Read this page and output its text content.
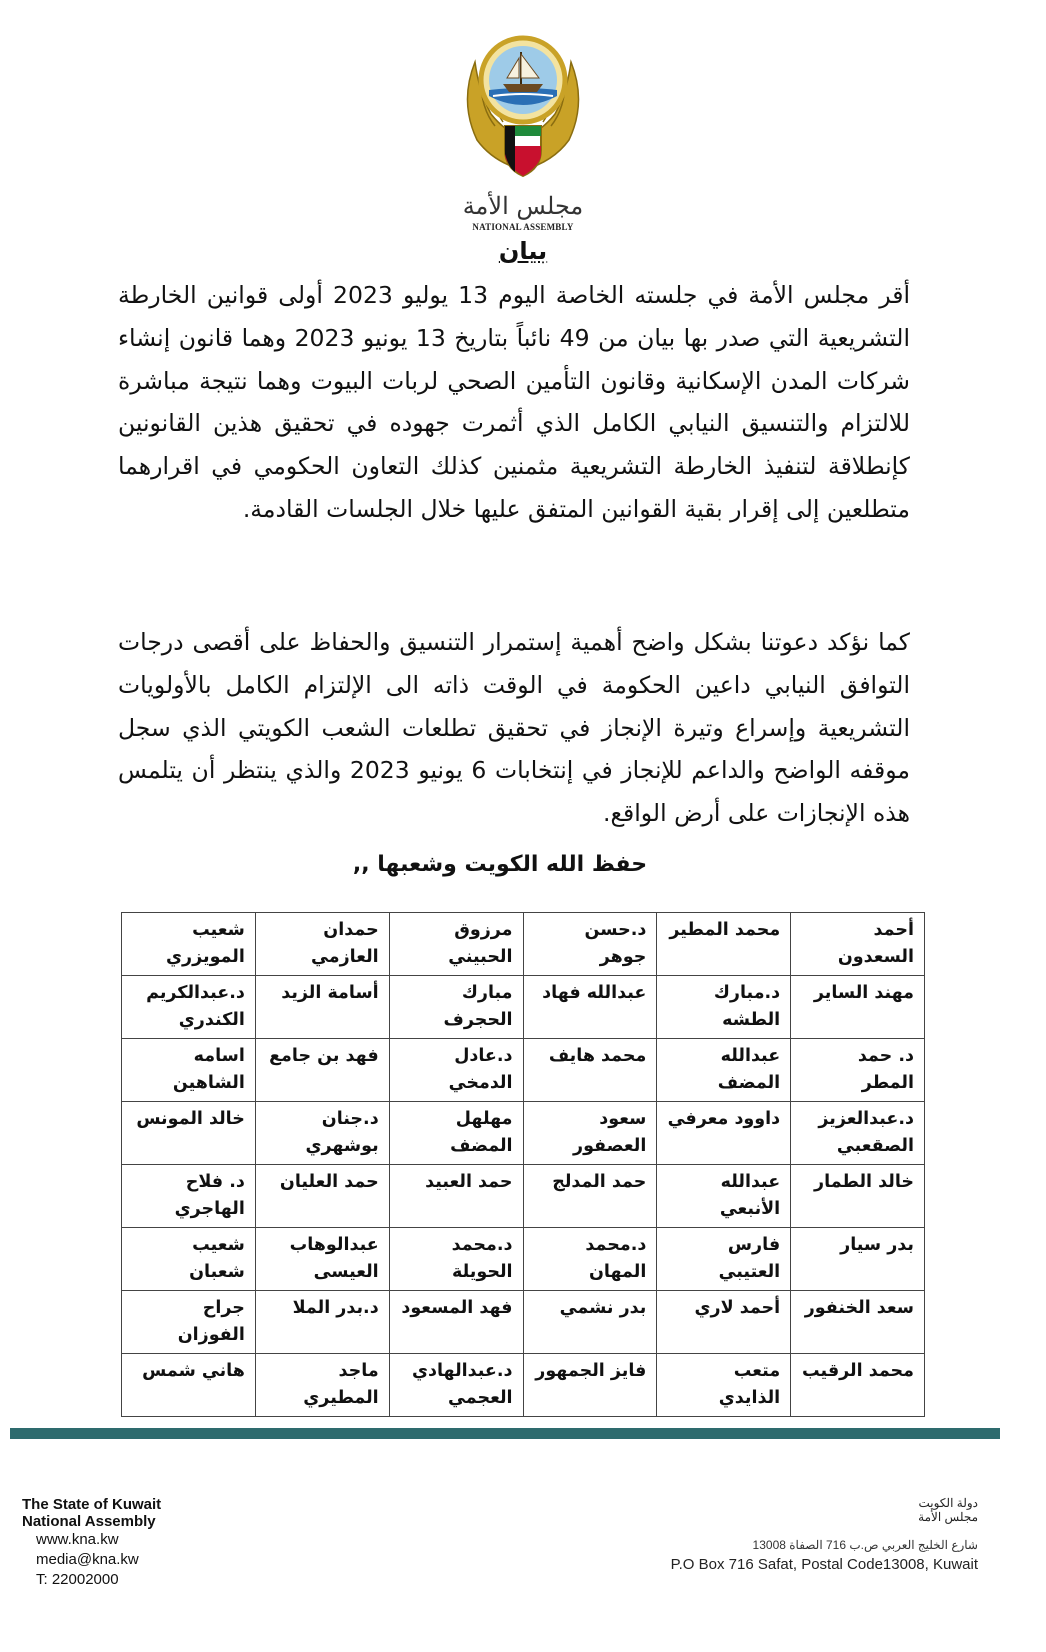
مجلس الأمة
NATIONAL ASSEMBLY
بيان
أقر مجلس الأمة في جلسته الخاصة اليوم 13 يوليو 2023 أولى قوانين الخارطة التشريعية التي صدر بها بيان من 49 نائباً بتاريخ 13 يونيو 2023 وهما قانون إنشاء شركات المدن الإسكانية وقانون التأمين الصحي لربات البيوت وهما نتيجة مباشرة للالتزام والتنسيق النيابي الكامل الذي أثمرت جهوده في تحقيق هذين القانونين كإنطلاقة لتنفيذ الخارطة التشريعية مثمنين كذلك التعاون الحكومي في اقرارهما متطلعين إلى إقرار بقية القوانين المتفق عليها خلال الجلسات القادمة.
كما نؤكد دعوتنا بشكل واضح أهمية إستمرار التنسيق والحفاظ على أقصى درجات التوافق النيابي داعين الحكومة في الوقت ذاته الى الإلتزام الكامل بالأولويات التشريعية وإسراع وتيرة الإنجاز في تحقيق تطلعات الشعب الكويتي الذي سجل موقفه الواضح والداعم للإنجاز في إنتخابات 6 يونيو 2023 والذي ينتظر أن يتلمس هذه الإنجازات على أرض الواقع.
حفظ الله الكويت وشعبها ,,
أحمد السعدون	محمد المطير	د.حسن جوهر	مرزوق الحبيني	حمدان العازمي	شعيب المويزري
مهند الساير	د.مبارك الطشه	عبدالله فهاد	مبارك الحجرف	أسامة الزيد	د.عبدالكريم الكندري
د. حمد المطر	عبدالله المضف	محمد هايف	د.عادل الدمخي	فهد بن جامع	اسامه الشاهين
د.عبدالعزيز الصقعبي	داوود معرفي	سعود العصفور	مهلهل المضف	د.جنان بوشهري	خالد المونس
خالد الطمار	عبدالله الأنبعي	حمد المدلج	حمد العبيد	حمد العليان	د. فلاح الهاجري
بدر سيار	فارس العتيبي	د.محمد المهان	د.محمد الحويلة	عبدالوهاب العيسى	شعيب شعبان
سعد الخنفور	أحمد لاري	بدر نشمي	فهد المسعود	د.بدر الملا	جراح الفوزان
محمد الرقيب	متعب الذايدي	فايز الجمهور	د.عبدالهادي العجمي	ماجد المطيري	هاني شمس
The State of Kuwait
National Assembly
www.kna.kw
media@kna.kw
T: 22002000
دولة الكويت
مجلس الأمة
شارع الخليج العربي ص.ب 716 الصفاة 13008
P.O Box 716 Safat, Postal Code13008, Kuwait
